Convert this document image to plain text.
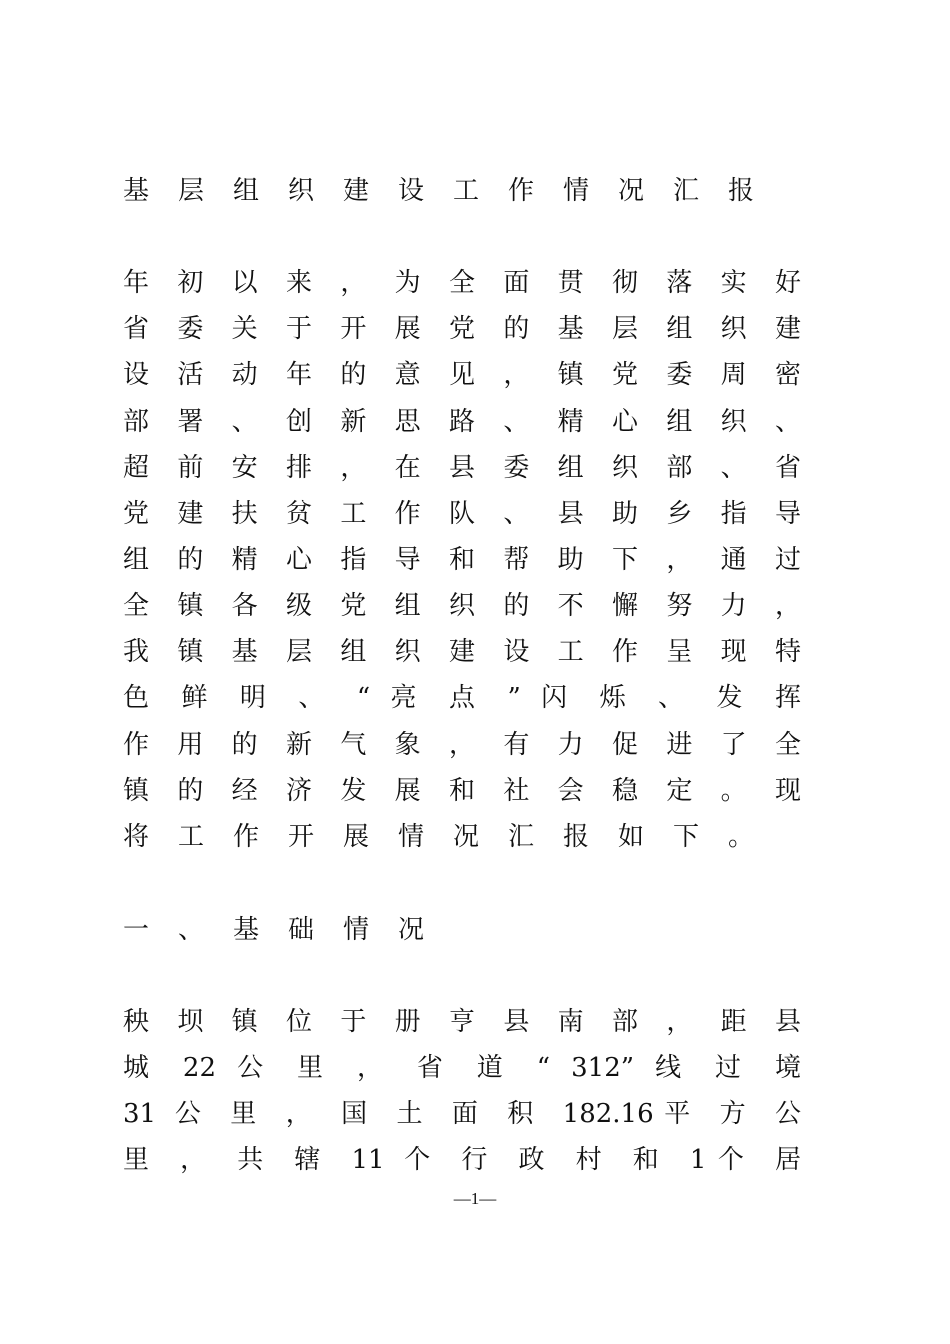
基层组织建设工作情况汇报
年 初 以 来 ， 为 全 面 贯 彻 落 实 好
省 委 关 于 开 展 党 的 基 层 组 织 建
设 活 动 年 的 意 见 ， 镇 党 委 周 密
部 署 、 创 新 思 路 、 精 心 组 织 、
超 前 安 排 ， 在 县 委 组 织 部 、 省
党 建 扶 贫 工 作 队 、 县 助 乡 指 导
组 的 精 心 指 导 和 帮 助 下 ， 通 过
全 镇 各 级 党 组 织 的 不 懈 努 力 ，
我 镇 基 层 组 织 建 设 工 作 呈 现 特
色 鲜 明 、 “ 亮 点 ” 闪 烁 、 发 挥
作 用 的 新 气 象 ， 有 力 促 进 了 全
镇 的 经 济 发 展 和 社 会 稳 定 。 现
将工作开展情况汇报如下。
一、基础情况
秧 坝 镇 位 于 册 亨 县 南 部 ， 距 县
城 22 公 里 ， 省 道 “ 312” 线 过 境
31 公 里 ， 国 土 面 积 182.16平 方 公
里 ， 共 辖 11 个 行 政 村 和 1个 居
—1—
